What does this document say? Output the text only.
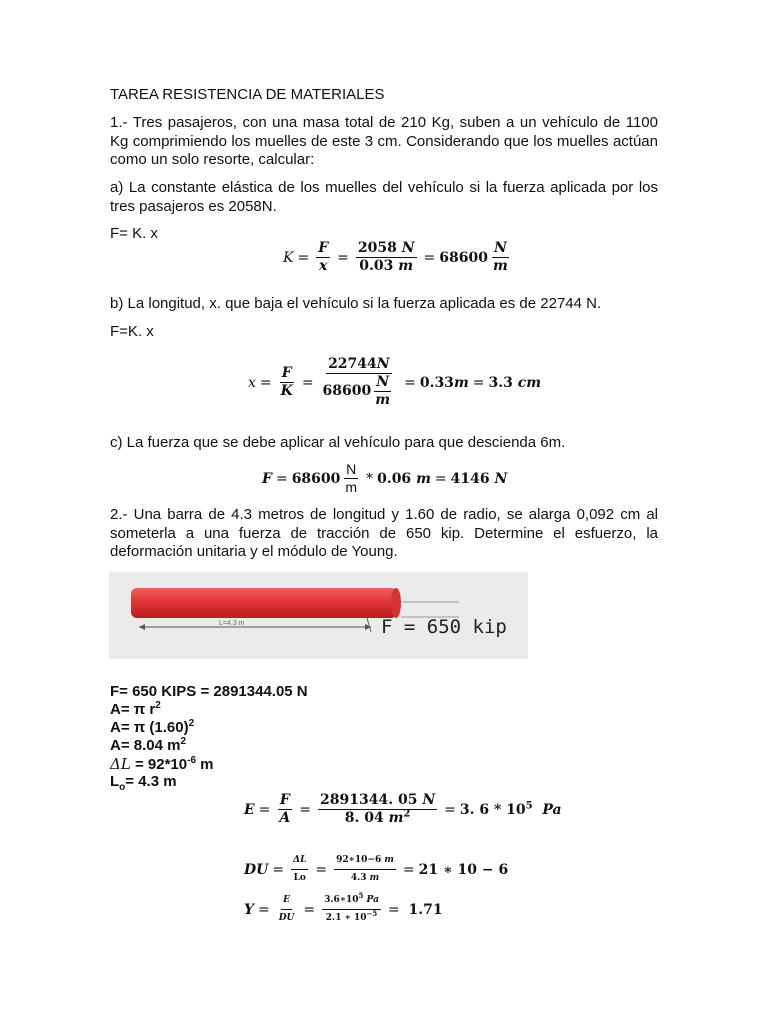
TAREA RESISTENCIA DE MATERIALES

1.- Tres pasajeros, con una masa total de 210 Kg, suben a un vehículo de 1100 Kg comprimiendo los muelles de este 3 cm. Considerando que los muelles actúan como un solo resorte, calcular:

a) La constante elástica de los muelles del vehículo si la fuerza aplicada por los tres pasajeros es 2058N.

F= K. x

$K = \frac{F}{x} = \frac{2058 N}{0.03 m} = 68600 \frac{N}{m}$

b) La longitud, x. que baja el vehículo si la fuerza aplicada es de 22744 N.

F=K. x

$x = \frac{F}{K} = \frac{22744N}{68600 \frac{N}{m}} = 0.33m = 3.3$ cm

c) La fuerza que se debe aplicar al vehículo para que descienda 6m.

$F = 68600 \frac{N}{m} * 0.06$ m = 4146 N

2.- Una barra de 4.3 metros de longitud y 1.60 de radio, se alarga 0,092 cm al someterla a una fuerza de tracción de 650 kip. Determine el esfuerzo, la deformación unitaria y el módulo de Young.

L=4.3 m	F = 650 kip

F= 650 KIPS = 2891344.05 N

A= π $r^2$

A= π $(1.60)^2$

A= 8.04 $m^2$

$\Delta L = 92*10^{-6}$ m

$L_o= 4.3$ m

$E = \frac{F}{A} = \frac{2891344. 05 N}{8. 04 m^2} = 3$. $6 * 10^5$ Pa
DU = $\frac{\Delta L}{Lo} = \frac{92∗10-6 m}{4.3 m} = 21$ ∗ 10 − 6
$Y = \frac{E}{DU} = \frac{3.6∗10^5 Pa}{2.1 ∗ 10^{-5}} = 1.71$
